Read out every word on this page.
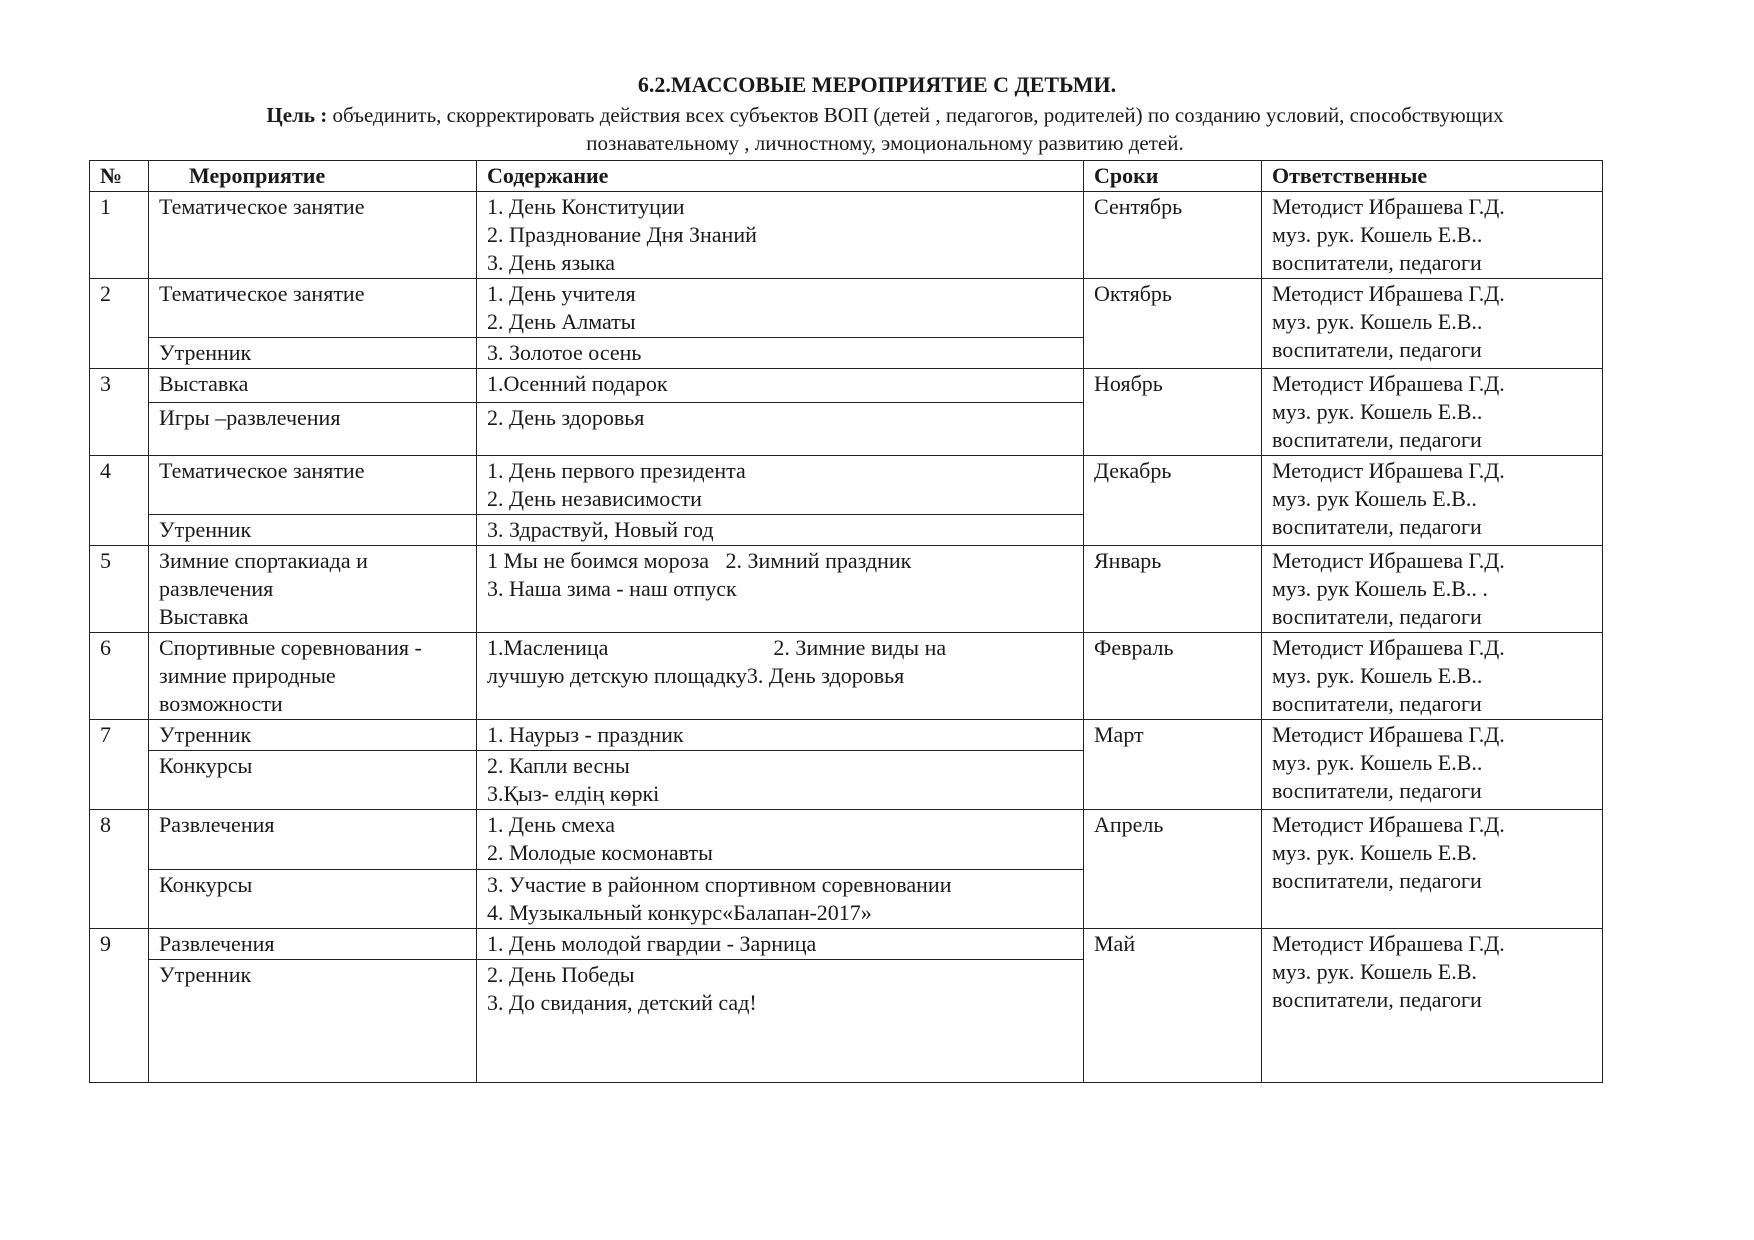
6.2.МАССОВЫЕ МЕРОПРИЯТИЕ С ДЕТЬМИ.
Цель : объединить, скорректировать действия всех субъектов ВОП (детей , педагогов, родителей) по созданию условий, способствующих
познавательному , личностному, эмоциональному развитию детей.
№	Мероприятие	Содержание	Сроки	Ответственные
1	Тематическое занятие	1. День Конституции
2. Празднование Дня Знаний
3. День языка	Сентябрь	Методист Ибрашева Г.Д.
муз. рук. Кошель Е.В..
воспитатели, педагоги

2	Тематическое занятие	1. День учителя
2. День Алматы	Октябрь	Методист Ибрашева Г.Д.
муз. рук. Кошель Е.В..
воспитатели, педагоги

	Утренник	3. Золотое осень		

3	Выставка	1.Осенний подарок	Ноябрь	Методист Ибрашева Г.Д.
муз. рук. Кошель Е.В..
воспитатели, педагоги

	Игры –развлечения	2. День здоровья		

4	Тематическое занятие	1. День первого президента
2. День независимости	Декабрь	Методист Ибрашева Г.Д.
муз. рук Кошель Е.В..
воспитатели, педагоги

	Утренник	3. Здраствуй, Новый год		

5	Зимние спортакиада и
развлечения
Выставка	1 Мы не боимся мороза   2. Зимний праздник
3. Наша зима - наш отпуск	Январь	Методист Ибрашева Г.Д.
муз. рук Кошель Е.В.. .
воспитатели, педагоги

6	Спортивные соревнования -
зимние природные
возможности	1.Масленица                              2. Зимние виды на
лучшую детскую площадку3. День здоровья	Февраль	Методист Ибрашева Г.Д.
муз. рук. Кошель Е.В..
воспитатели, педагоги

7	Утренник	1. Наурыз - праздник	Март	Методист Ибрашева Г.Д.
муз. рук. Кошель Е.В..
воспитатели, педагоги

	Конкурсы	2. Капли весны
3.Қыз- елдің көркі		

8	Развлечения	1. День смеха
2. Молодые космонавты	Апрель	Методист Ибрашева Г.Д.
муз. рук. Кошель Е.В.
воспитатели, педагоги

	Конкурсы	3. Участие в районном спортивном соревновании
4. Музыкальный конкурс«Балапан-2017»		

9	Развлечения	1. День молодой гвардии - Зарница	Май	Методист Ибрашева Г.Д.
муз. рук. Кошель Е.В.
воспитатели, педагоги

	Утренник	2. День Победы
3. До свидания, детский сад!		
